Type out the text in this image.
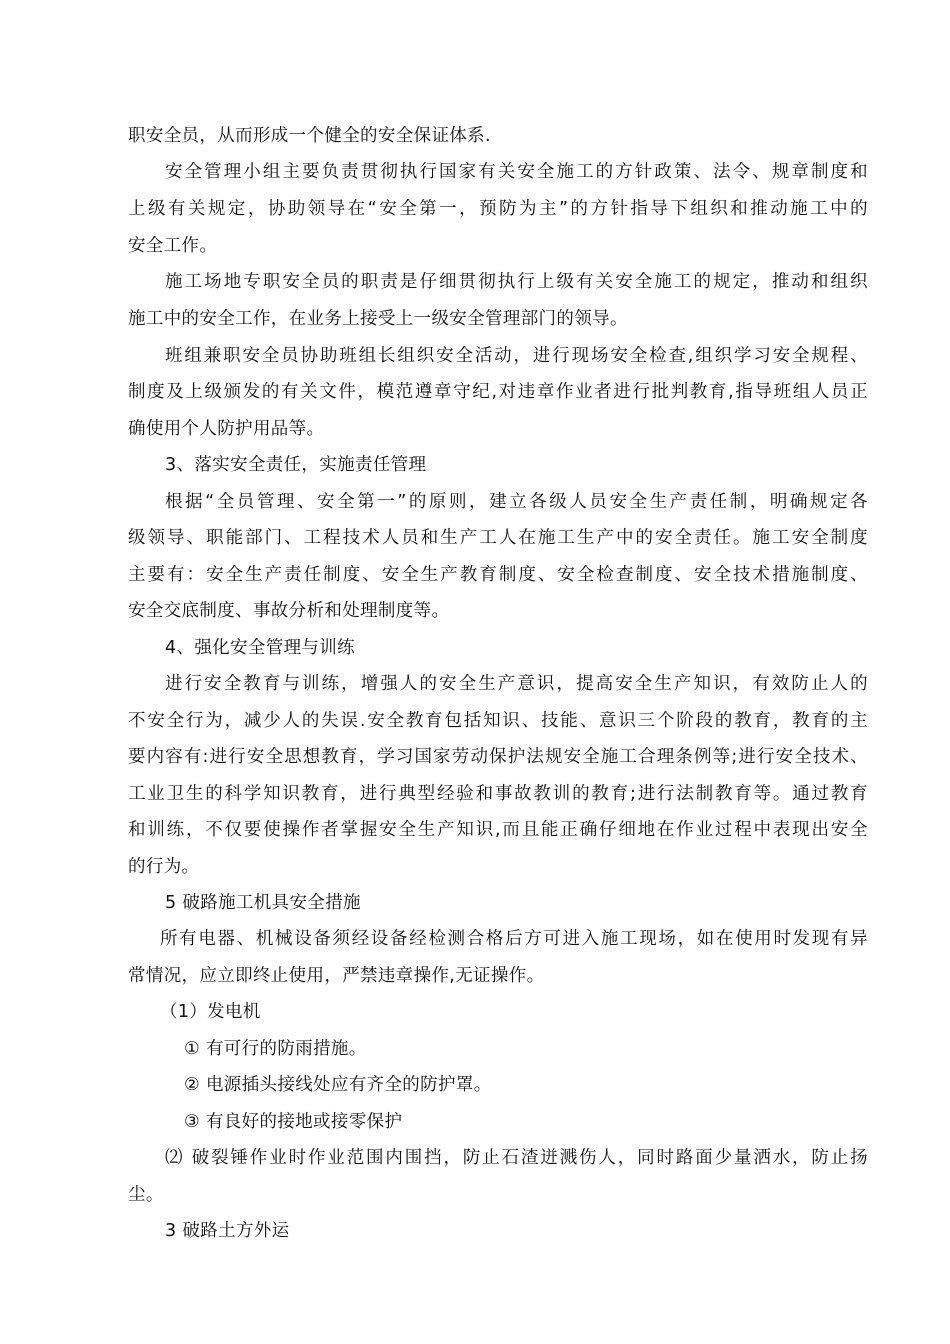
职安全员，从而形成一个健全的安全保证体系.
安全管理小组主要负责贯彻执行国家有关安全施工的方针政策、法令、规章制度和
上级有关规定，协助领导在“安全第一，预防为主”的方针指导下组织和推动施工中的
安全工作。
施工场地专职安全员的职责是仔细贯彻执行上级有关安全施工的规定，推动和组织
施工中的安全工作，在业务上接受上一级安全管理部门的领导。
班组兼职安全员协助班组长组织安全活动，进行现场安全检查,组织学习安全规程、
制度及上级颁发的有关文件，模范遵章守纪,对违章作业者进行批判教育,指导班组人员正
确使用个人防护用品等。
3、落实安全责任，实施责任管理
根据“全员管理、安全第一”的原则，建立各级人员安全生产责任制，明确规定各
级领导、职能部门、工程技术人员和生产工人在施工生产中的安全责任。施工安全制度
主要有：安全生产责任制度、安全生产教育制度、安全检查制度、安全技术措施制度、
安全交底制度、事故分析和处理制度等。
4、强化安全管理与训练
进行安全教育与训练，增强人的安全生产意识，提高安全生产知识，有效防止人的
不安全行为，减少人的失误.安全教育包括知识、技能、意识三个阶段的教育，教育的主
要内容有:进行安全思想教育，学习国家劳动保护法规安全施工合理条例等;进行安全技术、
工业卫生的科学知识教育，进行典型经验和事故教训的教育;进行法制教育等。通过教育
和训练，不仅要使操作者掌握安全生产知识,而且能正确仔细地在作业过程中表现出安全
的行为。
5 破路施工机具安全措施
所有电器、机械设备须经设备经检测合格后方可进入施工现场，如在使用时发现有异
常情况，应立即终止使用，严禁违章操作,无证操作。
（1）发电机
① 有可行的防雨措施。
② 电源插头接线处应有齐全的防护罩。
③ 有良好的接地或接零保护
⑵ 破裂锤作业时作业范围内围挡，防止石渣迸溅伤人，同时路面少量洒水，防止扬
尘。
3 破路土方外运
